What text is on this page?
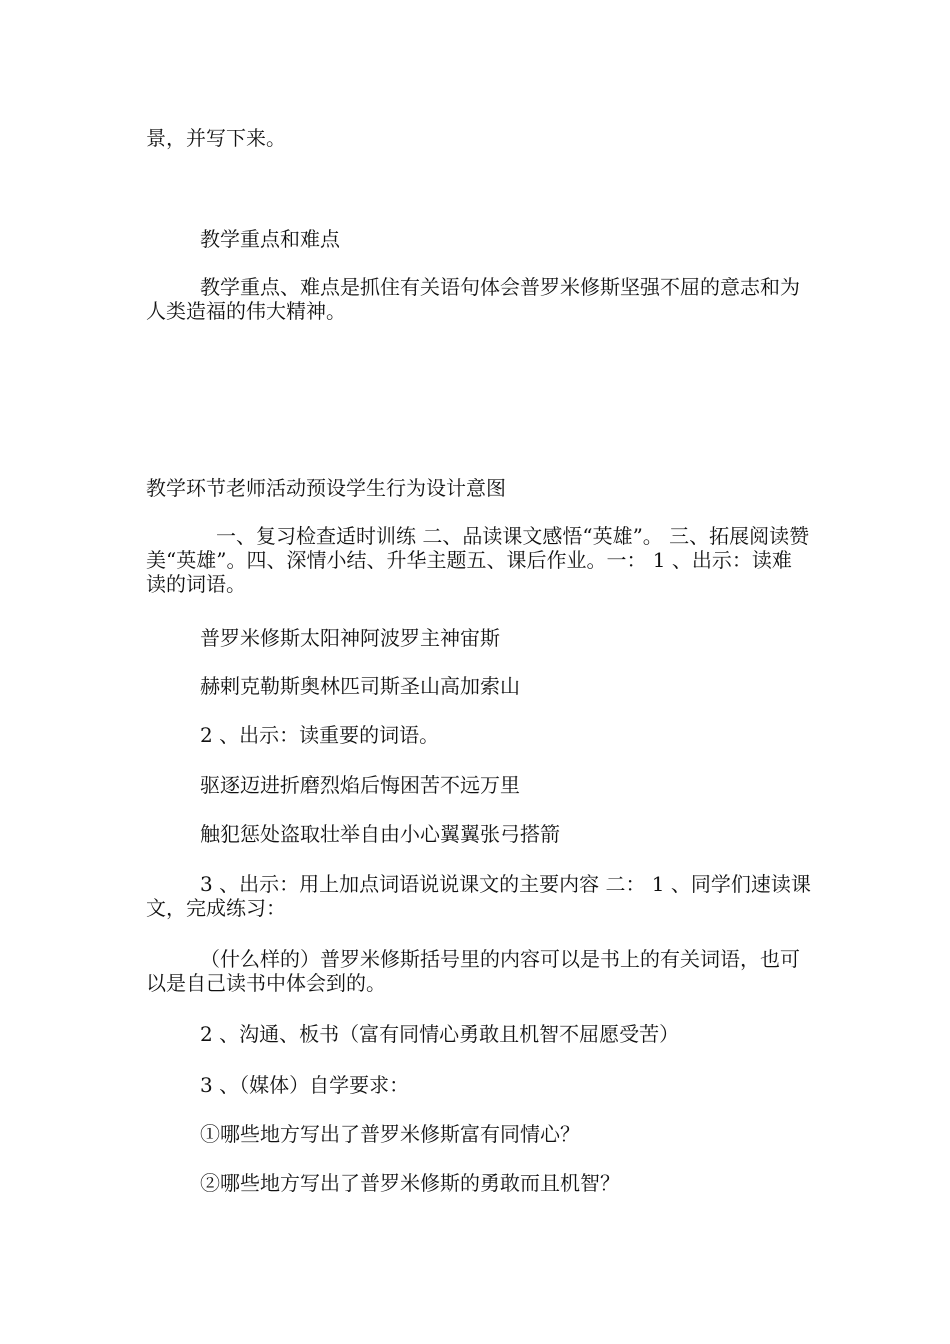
景，并写下来。
教学重点和难点
教学重点、难点是抓住有关语句体会普罗米修斯坚强不屈的意志和为人类造福的伟大精神。
教学环节老师活动预设学生行为设计意图
一、复习检查适时训练 二、品读课文感悟“英雄”。 三、拓展阅读赞美“英雄”。四、深情小结、升华主题五、课后作业。一： 1 、出示：读难读的词语。
普罗米修斯太阳神阿波罗主神宙斯
赫剌克勒斯奥林匹司斯圣山高加索山
2 、出示：读重要的词语。
驱逐迈进折磨烈焰后悔困苦不远万里
触犯惩处盗取壮举自由小心翼翼张弓搭箭
3 、出示：用上加点词语说说课文的主要内容 二： 1 、同学们速读课文，完成练习：
（什么样的）普罗米修斯括号里的内容可以是书上的有关词语，也可以是自己读书中体会到的。
2 、沟通、板书（富有同情心勇敢且机智不屈愿受苦）
3 、（媒体）自学要求：
①哪些地方写出了普罗米修斯富有同情心？
②哪些地方写出了普罗米修斯的勇敢而且机智？
